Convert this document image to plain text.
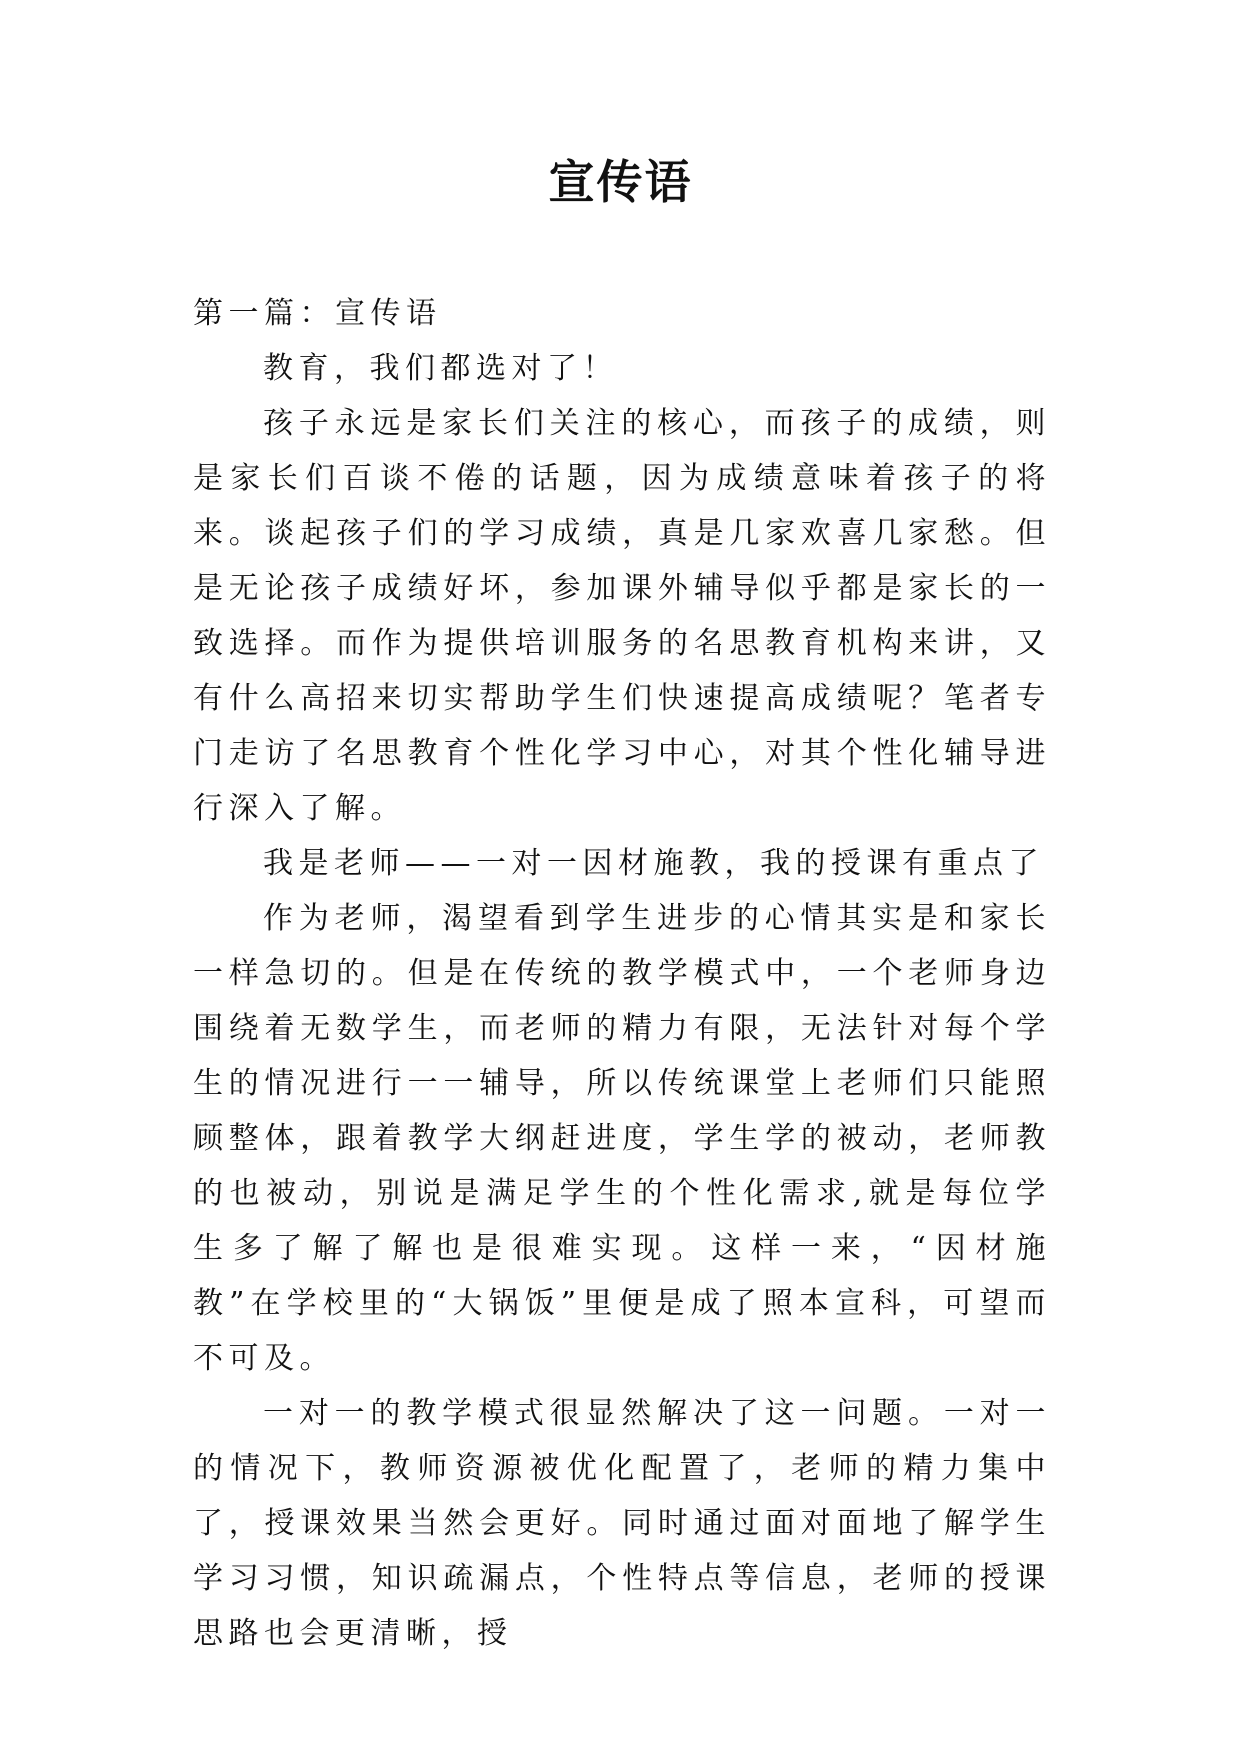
宣传语

第一篇：宣传语

教育，我们都选对了！

孩子永远是家长们关注的核心，而孩子的成绩，则是家长们百谈不倦的话题，因为成绩意味着孩子的将来。谈起孩子们的学习成绩，真是几家欢喜几家愁。但是无论孩子成绩好坏，参加课外辅导似乎都是家长的一致选择。而作为提供培训服务的名思教育机构来讲，又有什么高招来切实帮助学生们快速提高成绩呢？笔者专门走访了名思教育个性化学习中心，对其个性化辅导进行深入了解。

我是老师——一对一因材施教，我的授课有重点了

作为老师，渴望看到学生进步的心情其实是和家长一样急切的。但是在传统的教学模式中，一个老师身边围绕着无数学生，而老师的精力有限，无法针对每个学生的情况进行一一辅导，所以传统课堂上老师们只能照顾整体，跟着教学大纲赶进度，学生学的被动，老师教的也被动，别说是满足学生的个性化需求,就是每位学生多了解了解也是很难实现。这样一来，“因材施教”在学校里的“大锅饭”里便是成了照本宣科，可望而不可及。

一对一的教学模式很显然解决了这一问题。一对一的情况下，教师资源被优化配置了，老师的精力集中了，授课效果当然会更好。同时通过面对面地了解学生学习习惯，知识疏漏点，个性特点等信息，老师的授课思路也会更清晰，授
